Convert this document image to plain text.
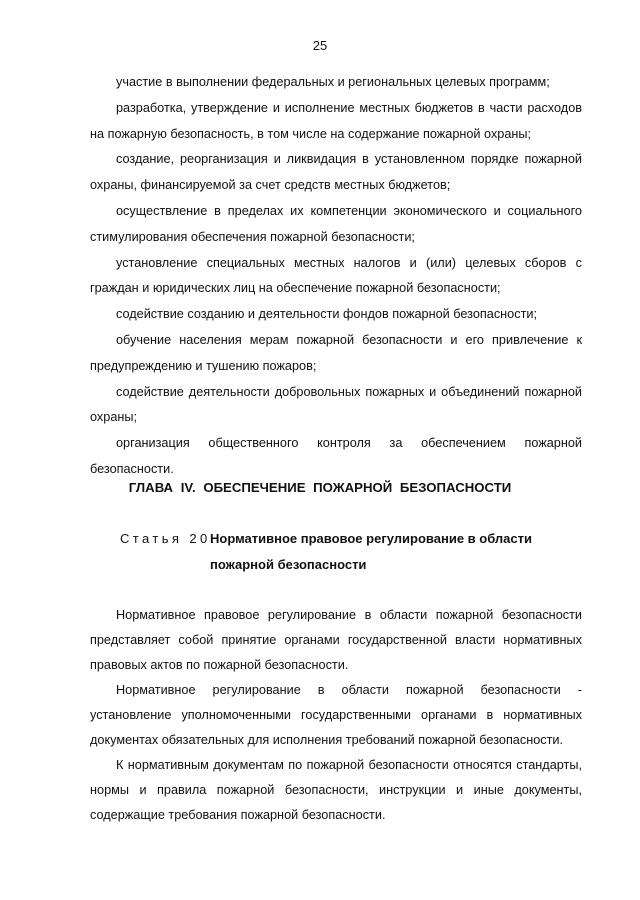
25

участие в выполнении федеральных и региональных целевых программ;

разработка, утверждение и исполнение местных бюджетов в части расходов на пожарную безопасность, в том числе на содержание пожарной охраны;

создание, реорганизация и ликвидация в установленном порядке пожарной охраны, финансируемой за счет средств местных бюджетов;

осуществление в пределах их компетенции экономического и социального стимулирования обеспечения пожарной безопасности;

установление специальных местных налогов и (или) целевых сборов с граждан и юридических лиц на обеспечение пожарной безопасности;

содействие созданию и деятельности фондов пожарной безопасности;

обучение населения мерам пожарной безопасности и его привлечение к предупреждению и тушению пожаров;

содействие деятельности добровольных пожарных и объединений пожарной охраны;

организация общественного контроля за обеспечением пожарной безопасности.

ГЛАВА IV. ОБЕСПЕЧЕНИЕ ПОЖАРНОЙ БЕЗОПАСНОСТИ
Статья 20.
Нормативное правовое регулирование в области
пожарной безопасности

Нормативное правовое регулирование в области пожарной безопасности представляет собой принятие органами государственной власти нормативных правовых актов по пожарной безопасности.

Нормативное регулирование в области пожарной безопасности - установление уполномоченными государственными органами в нормативных документах обязательных для исполнения требований пожарной безопасности.

К нормативным документам по пожарной безопасности относятся стандарты, нормы и правила пожарной безопасности, инструкции и иные документы, содержащие требования пожарной безопасности.
